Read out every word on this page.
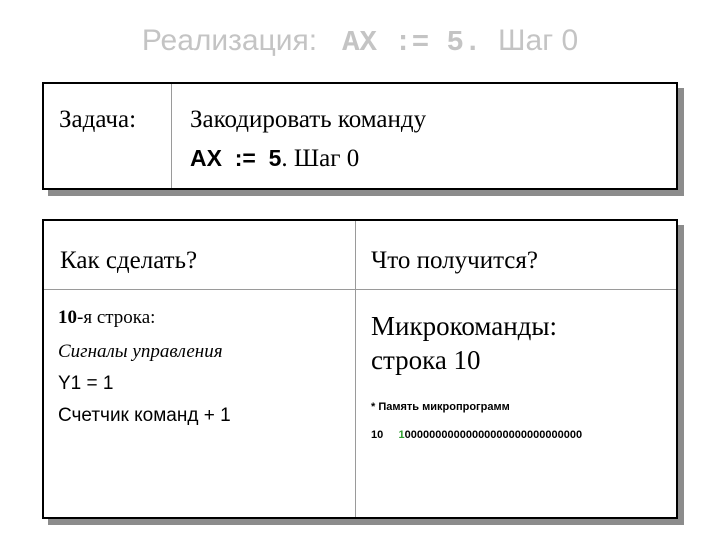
Реализация: AX := 5. Шаг 0
Задача:	Закодировать команду
AX  :=  5. Шаг 0
Как сделать?	Что получится?
10-я строка:
Сигналы управления
Y1 = 1
Счетчик команд + 1
Микрокоманды:
строка 10
* Память микропрограмм
10 100000000000000000000000000000
